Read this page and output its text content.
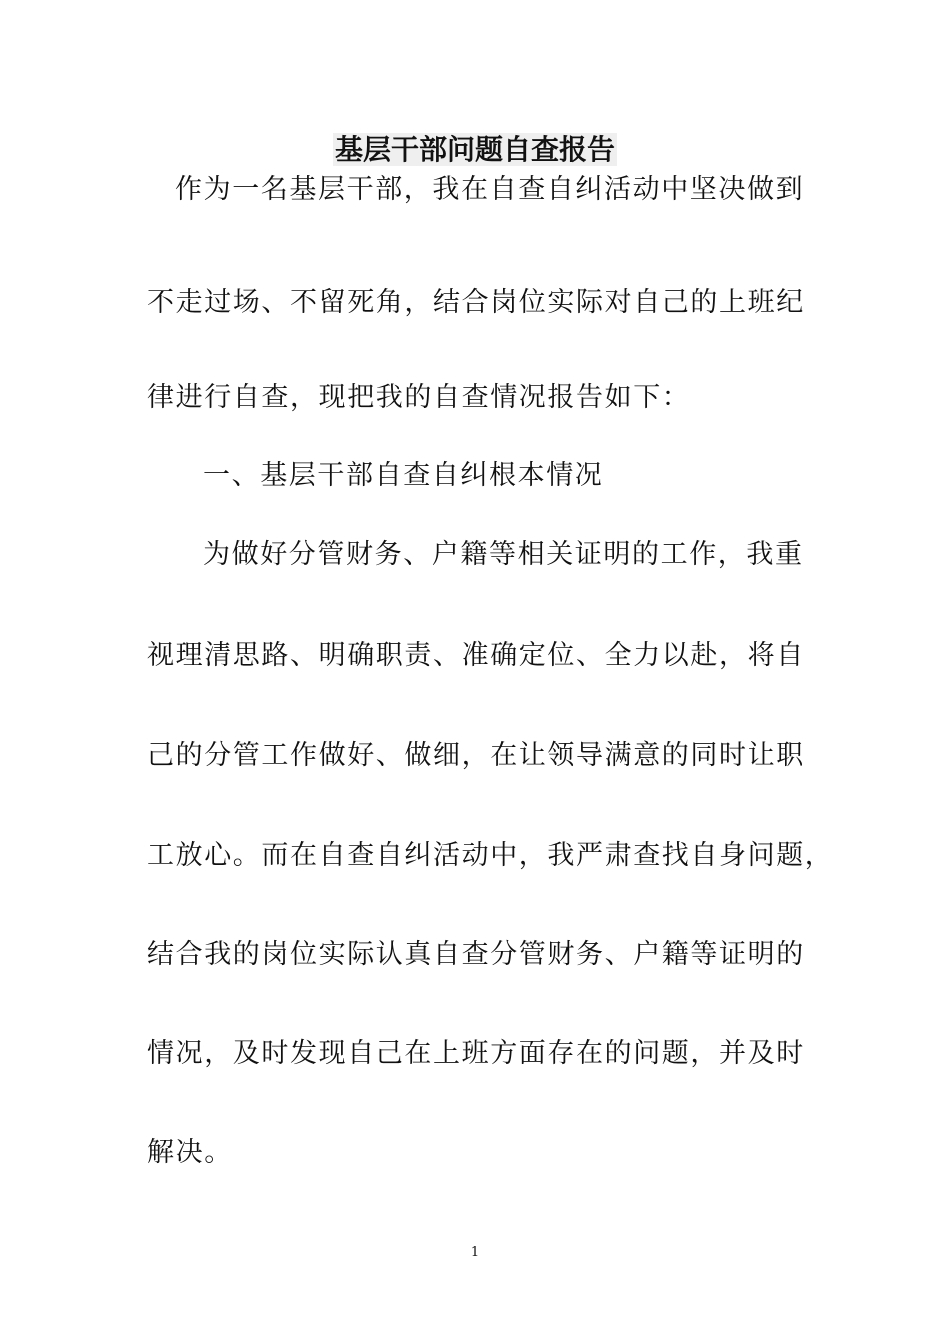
基层干部问题自查报告
作为一名基层干部，我在自查自纠活动中坚决做到
不走过场、不留死角，结合岗位实际对自己的上班纪
律进行自查，现把我的自查情况报告如下：
一、基层干部自查自纠根本情况
为做好分管财务、户籍等相关证明的工作，我重
视理清思路、明确职责、准确定位、全力以赴，将自
己的分管工作做好、做细，在让领导满意的同时让职
工放心。而在自查自纠活动中，我严肃查找自身问题，
结合我的岗位实际认真自查分管财务、户籍等证明的
情况，及时发现自己在上班方面存在的问题，并及时
解决。
1
